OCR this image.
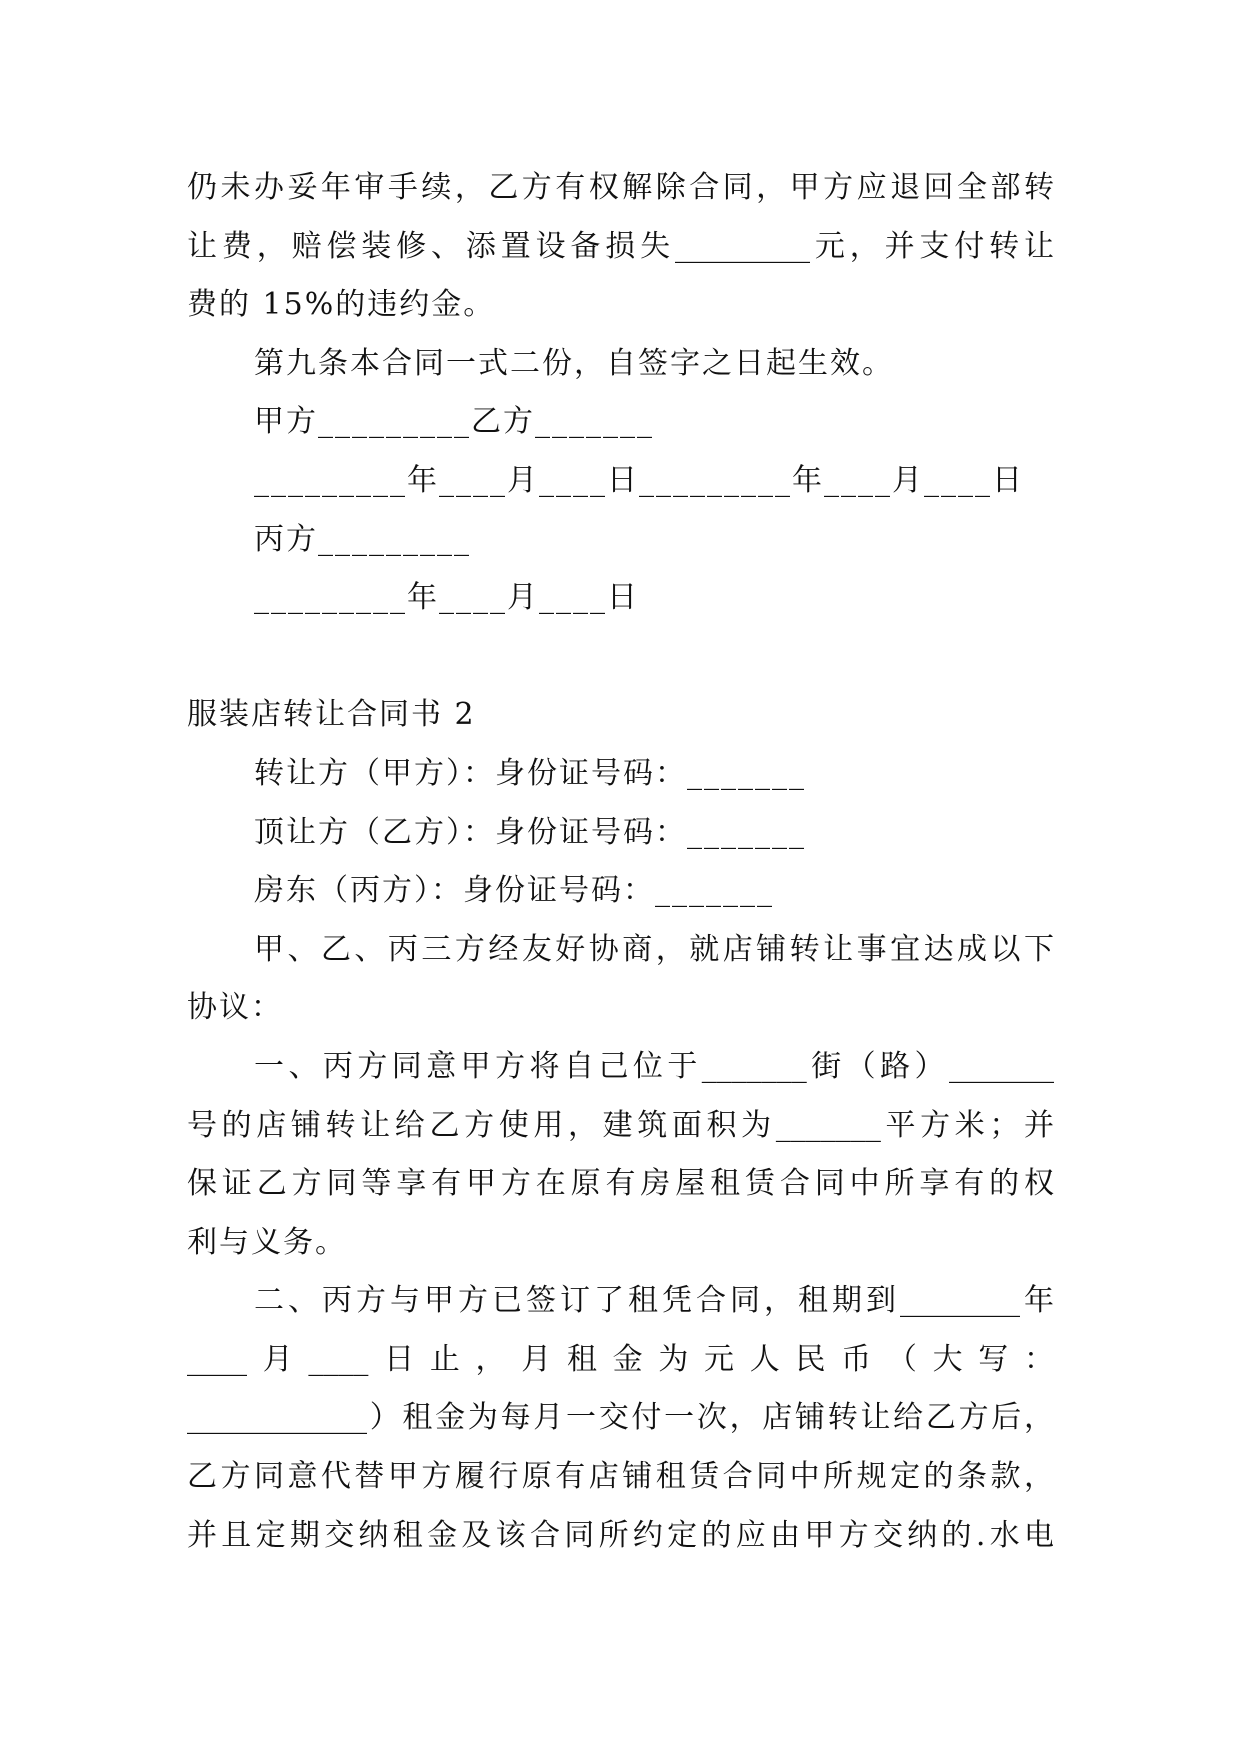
仍未办妥年审手续，乙方有权解除合同，甲方应退回全部转
让费，赔偿装修、添置设备损失_________元，并支付转让
费的 15%的违约金。
第九条本合同一式二份，自签字之日起生效。
甲方_________乙方_______
_________年____月____日_________年____月____日
丙方_________
_________年____月____日
服装店转让合同书 2
转让方（甲方）：身份证号码：_______
顶让方（乙方）：身份证号码：_______
房东（丙方）：身份证号码：_______
甲、乙、丙三方经友好协商，就店铺转让事宜达成以下
协议：
一、丙方同意甲方将自己位于_______街（路）_______
号的店铺转让给乙方使用，建筑面积为_______平方米；并
保证乙方同等享有甲方在原有房屋租赁合同中所享有的权
利与义务。
二、丙方与甲方已签订了租凭合同，租期到________年
____月____日止，月租金为元人民币（大写：
____________）租金为每月一交付一次，店铺转让给乙方后，
乙方同意代替甲方履行原有店铺租赁合同中所规定的条款，
并且定期交纳租金及该合同所约定的应由甲方交纳的.水电
